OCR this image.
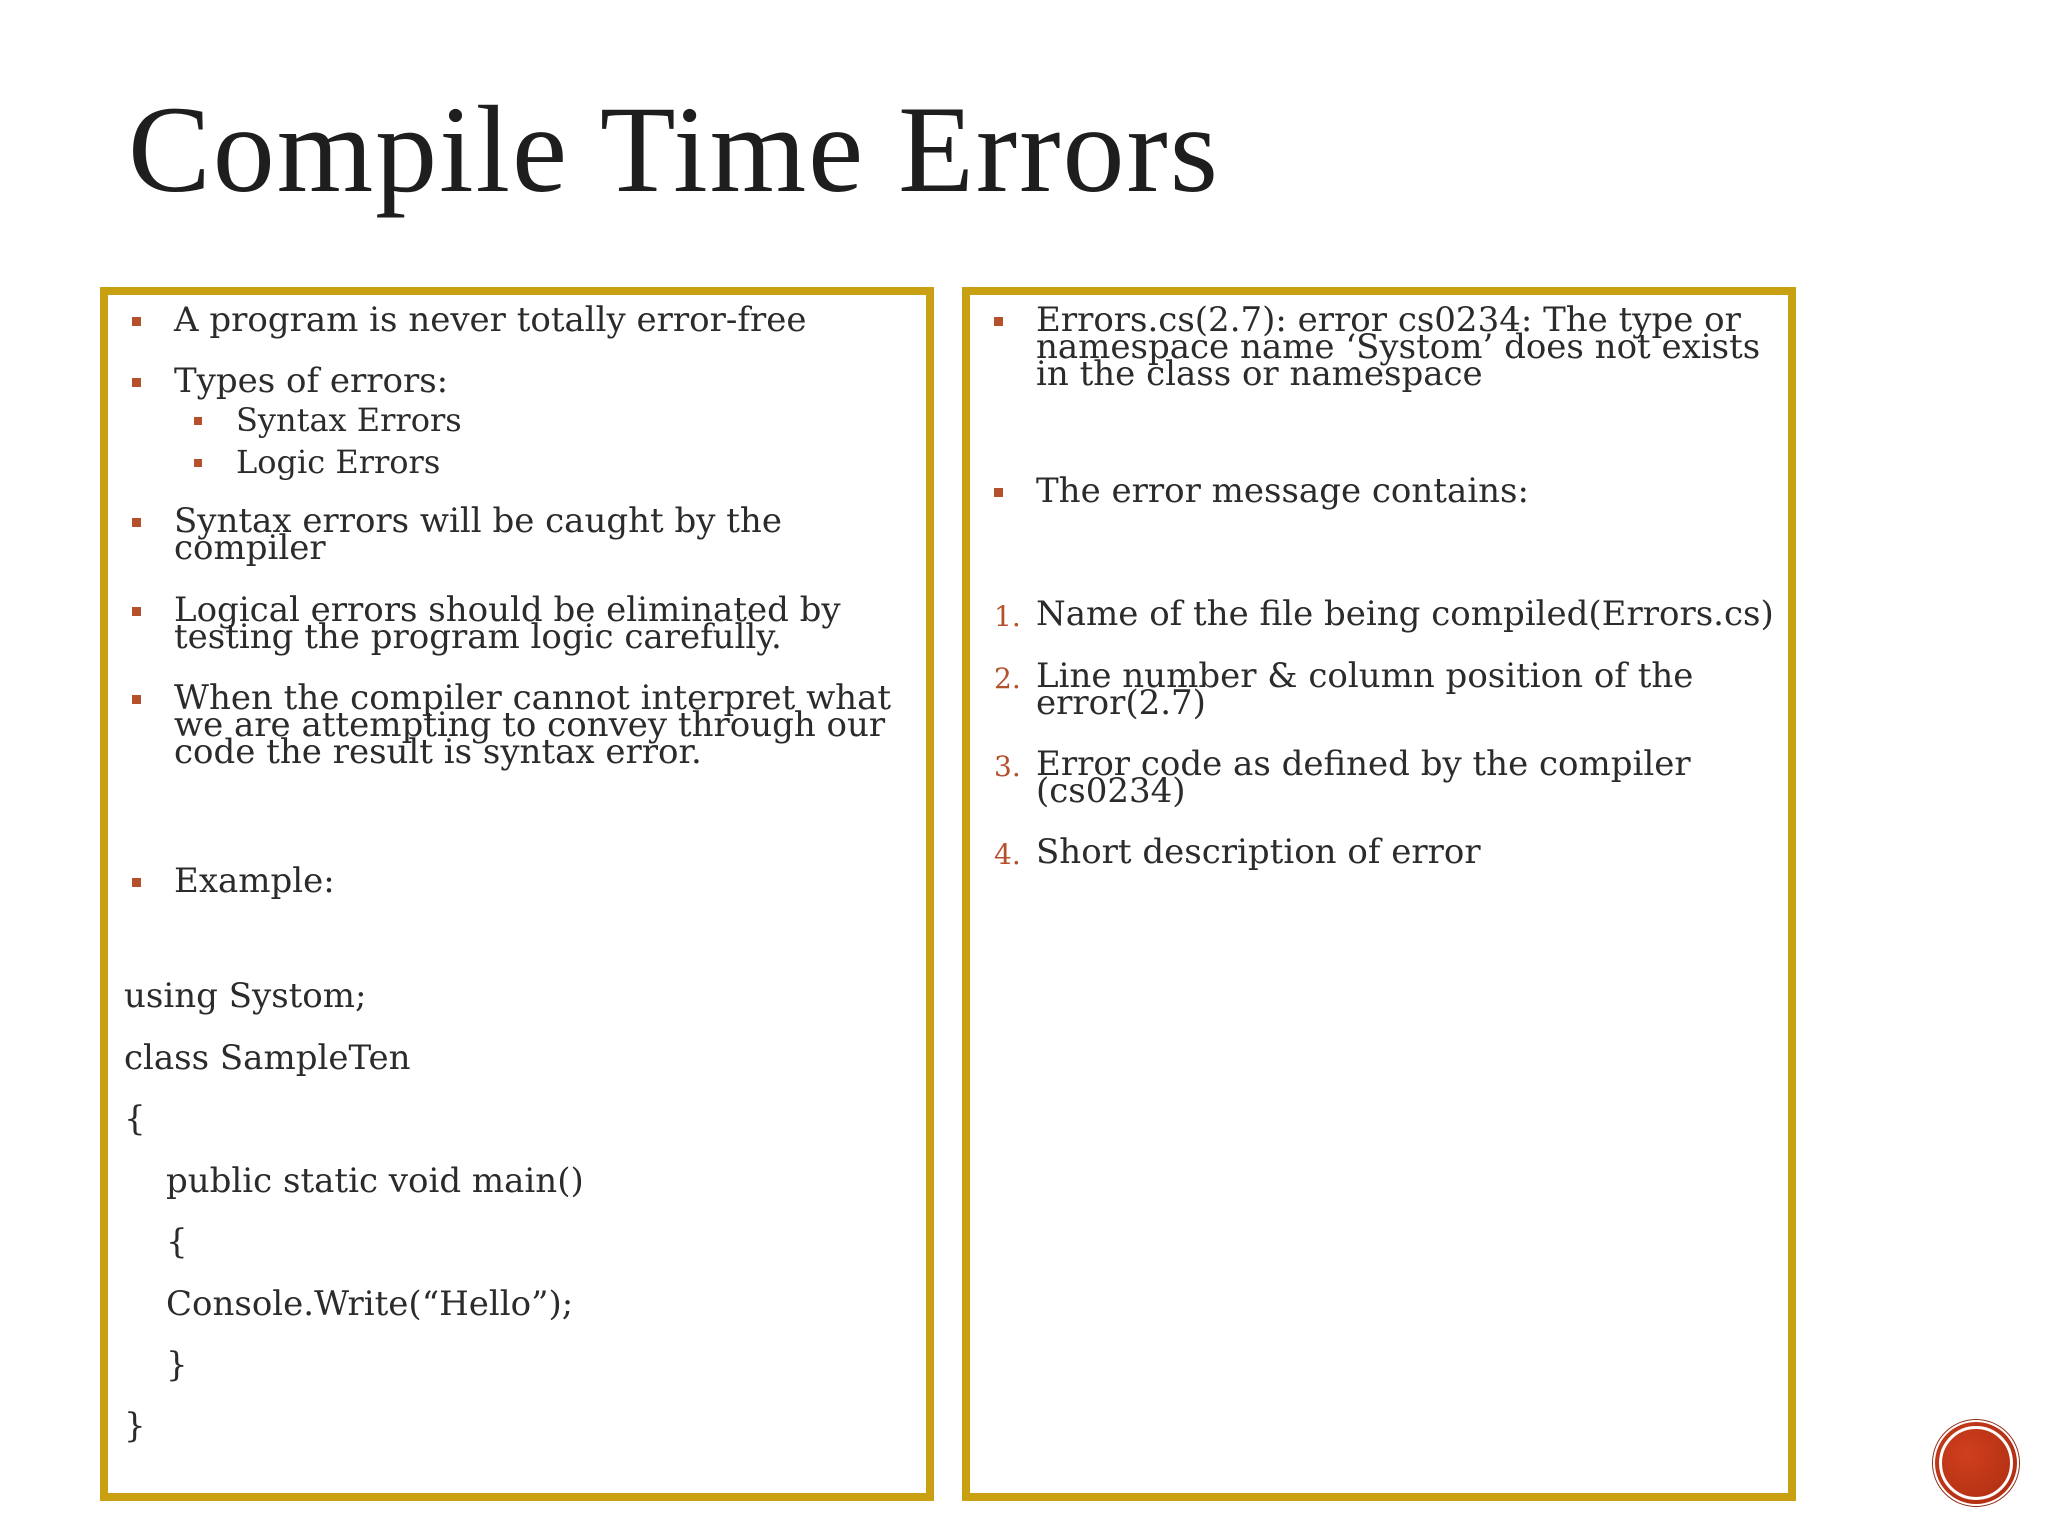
Compile Time Errors
A program is never totally error-free
Types of errors:
Syntax Errors
Logic Errors
Syntax errors will be caught by the compiler
Logical errors should be eliminated by testing the program logic carefully.
When the compiler cannot interpret what we are attempting to convey through our code the result is syntax error.
Example:
using Systom;
class SampleTen
{
public static void main()
{
Console.Write(“Hello”);
}
}
Errors.cs(2.7): error cs0234: The type or namespace name ‘Systom’ does not exists in the class or namespace
The error message contains:
1. Name of the file being compiled(Errors.cs)
2. Line number & column position of the error(2.7)
3. Error code as defined by the compiler (cs0234)
4. Short description of error
